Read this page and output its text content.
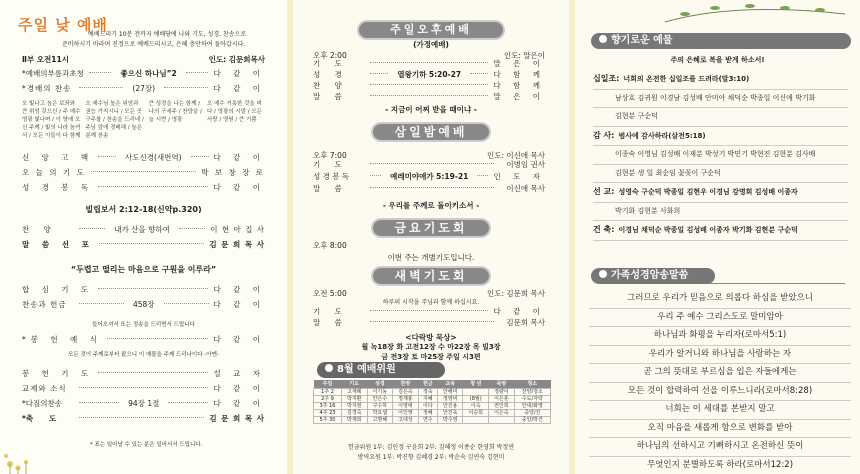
주일 낮 예배
예배드리기 10분 전까지 예배당에 나와 기도, 성경, 찬송으로
준비하시기 바라며 진정으로 예배드리시고, 은혜 충만하여 돌아갑시다.
Ⅱ부 오전11시	인도: 김문희목사
*예배의부름과초청	좋으신 하나님”2	다 같 이
*경배의 찬송	(27장)	다 같 이
오 빛나고 높은 보좌와 큰 위엄 갖으신 / 주 예수 영광 빛나며 / 이 땅에 오신 주께 / 빛의 나라 높여서 / 모든 이들이 다 함께
오 예수님 높은 위엄과 권능 가지시니 / 모든 곳 구주를 / 찬송을 드리네 / 주님 앞에 경배해 / 높은 분께 찬송
큰 성경을 나는 함께 / 나의 구세주 / 찬양을 / 늘 시면 / 영광
오 예수 거룩한 것을 펴다 / 영광의 시말 / 모든 사랑 / 영원 / 큰 기쁨
신 앙 고 백	사도신경(새번역)	다 같 이
오 늘 의 기 도	박 보 창 장 로
성 경 봉 독	다 같 이
빌립보서 2:12-18(신약p.320)
찬      양	내가 산을 향하여	이 현 아 집 사
말 씀 선 포	김 문 희 목 사
“두렵고 떨리는 마음으로 구원을 이루라”
합 심 기 도	다 같 이
찬송과 헌금	458장	다 같 이
들어오셔서 또는 정송을 드리면서 드립니다
*봉 헌 예 식	다 같 이
모든 것이 주께로부터 왔으니 이 예물을 주께 드리나이다 -아멘-
봉 헌 기 도	설 교 자
교제와 소식	다 같 이
*다짐의찬송	94장 1절	다 같 이
*축      도	김 문 희 목 사
* 표는 일어날 수 있는 분은 일어서서 드립니다.
주일오후예배
(가정예배)
오후 2:00	인도: 말은이
기      도	말 은 이
성      경	열왕기하 5:20-27	다 함 께
찬      양	다 함 께
말      씀	말 은 이
- 지금이 어찌 받을 때이냐 -
삼일밤예배
오후 7:00	인도: 이신애 목사
기      도	이병임 권사
성 경 봉 독	예레미야애가 5:19-21	인 도 자
말      씀	이신애 목사
- 우리를 주께로 돌이키소서 -
금요기도회
오후 8:00
이번 주는 개별기도입니다.
새벽기도회
오전 5:00	인도: 김문희 목사
하루의 시작을 주님과 함께 하십시요.
기      도	다 같 이
말      씀	김문희 목사
<다락방 묵상>
월 녹18장 화 고전12장 수 마22장 목 빌3장
금 전3장 토 마25장 주일 시3편
8월 예배위원
주일	기도	성경	찬양	헌금	교육	청 년	목양	청소
1주 2	고재례	이기동	김은숙	정숙	안해미		정량이	찬양/청소
2주 9	박지환	안은수	정재홍	지혜	정영비	(8월)	이은훈	수도/자락
3주 16	박지현	구수하	이영애	이다	안진용	이옥	권인희	안대/화영
4주 23	김경숙	박요셉	이인영	정혜	안진욱	이승희	이은숙	중앙/진
5주 30	박재희	고명혜	고대성	연수	박수영			중앙/박건
헌금위원 1부: 김인정 구윤희 2부: 김혜정 이종순 한영희 박정연
방역요원 1부: 박진향 김혜경 2부: 박순숙 김연숙 김현미
향기로운 예물
주의 은혜로 복을 받게 하소서!
십일조: 너희의 온전한 십일조를 드려라(말3:10)
남상호 김귀원 이경남 김성배 안미아 채덕순 박종일 이신애 박기화
김현분 구순덕
감 사: 범사에 감사하라(살전5:18)
이종숙 이영님 김성배 이재분 박성기 박민기 박현진 김현분 김사배
김현분 생 일 최순임 꽃꽂이 구순덕
선 교: 성영숙 구순덕 박종일 김현우 이경님 강명희 김성배 이종자
박기화 김현분 사화희
건 축: 이경님 채덕순 박종일 김성배 이종자 박기화 김현분 구순덕
가족성경암송말씀
그러므로 우리가 믿음으로 의롭다 하심을 받았으니
우리 주 예수 그리스도로 말미암아
하나님과 화평을 누리자(로마서5:1)
우리가 알거니와 하나님을 사랑하는 자
곧 그의 뜻대로 부르심을 입은 자들에게는
모든 것이 합력하여 선을 이루느니라(로마서8:28)
너희는 이 세대를 본받지 말고
오직 마음을 새롭게 함으로 변화를 받아
하나님의 선하시고 기뻐하시고 온전하신 뜻이
무엇인지 분별하도록 하라(로마서12:2)
